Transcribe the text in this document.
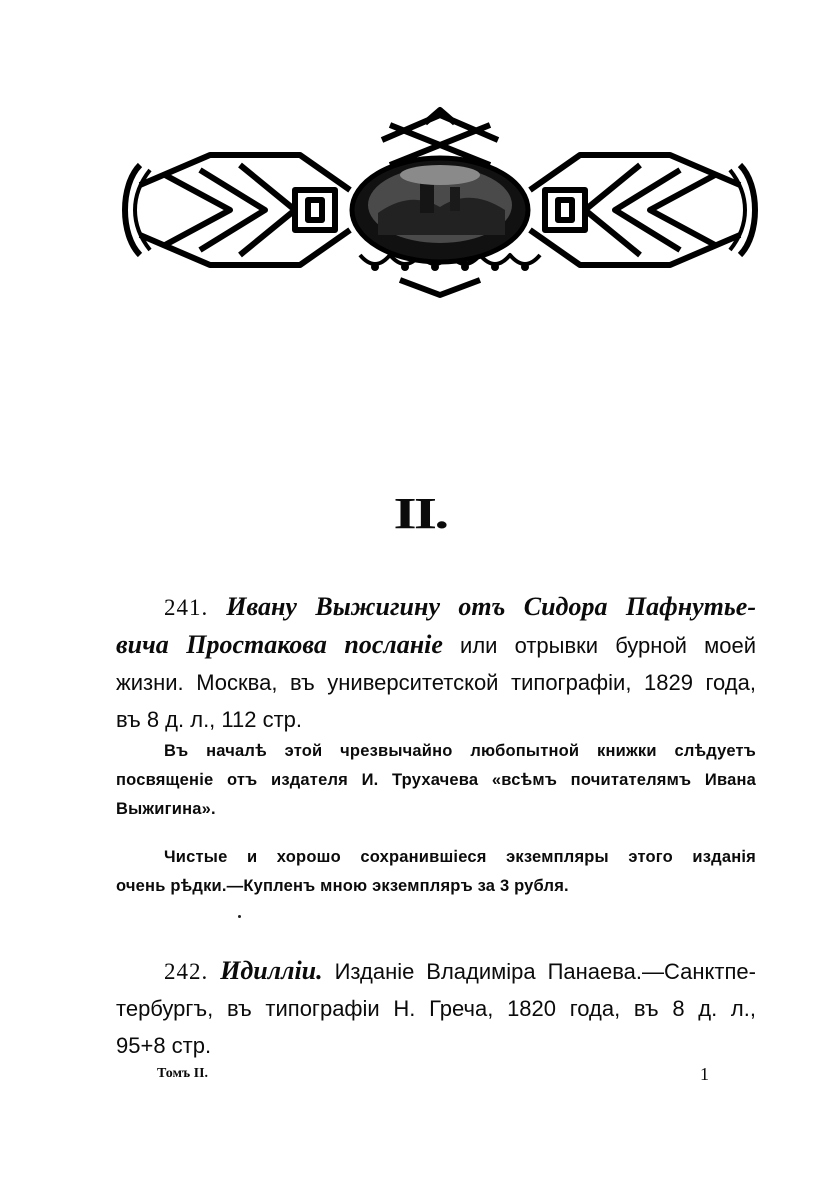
II.
241. Ивану Выжигину отъ Сидора Пафнутье-
вича Простакова посланіе или отрывки бурной моей
жизни. Москва, въ университетской типографіи, 1829 года,
въ 8 д. л., 112 стр.
Въ началѣ этой чрезвычайно любопытной книжки слѣдуетъ
посвященіе отъ издателя И. Трухачева «всѣмъ почитателямъ Ивана
Выжигина».
Чистые и хорошо сохранившіеся экземпляры этого изданія
очень рѣдки.—Купленъ мною экземпляръ за 3 рубля.
242. Идилліи. Изданіе Владиміра Панаева.—Санктпе-
тербургъ, въ типографіи Н. Греча, 1820 года, въ 8 д. л.,
95+8 стр.
Томъ II.	1
